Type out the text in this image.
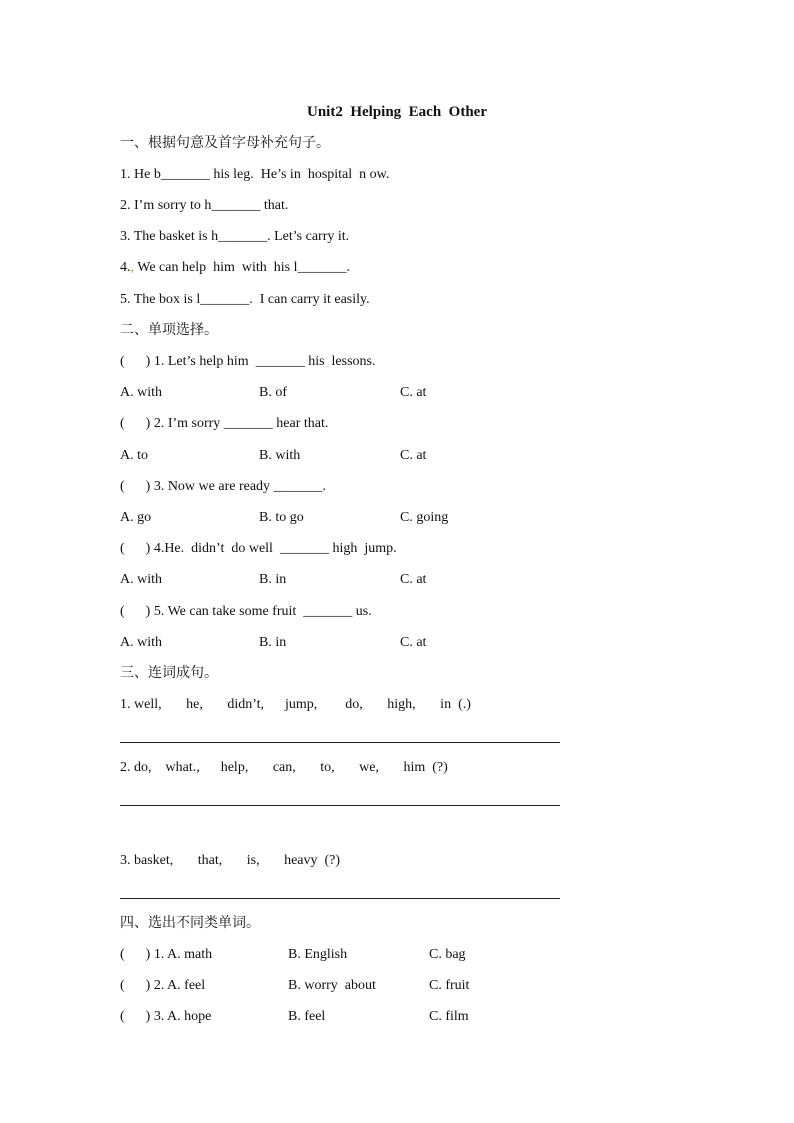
Unit2  Helping  Each  Other
一、根据句意及首字母补充句子。
1. He b_______ his leg.  He’s in  hospital  n ow.
2. I’m sorry to h_______ that.
3. The basket is h_______. Let’s carry it.
4., We can help  him  with  his l_______.
5. The box is l_______.  I can carry it easily.
二、单项选择。
(      ) 1. Let’s help him  _______ his  lessons.
A. with	B. of	C. at
(      ) 2. I’m sorry _______ hear that.
A. to	B. with	C. at
(      ) 3. Now we are ready _______.
A. go	B. to go	C. going
(      ) 4.He.  didn’t  do well  _______ high  jump.
A. with	B. in	C. at
(      ) 5. We can take some fruit  _______ us.
A. with	B. in	C. at
三、连词成句。
1. well,       he,       didn’t,      jump,        do,       high,       in  (.)
2. do,    what.,      help,       can,       to,       we,       him  (?)
3. basket,       that,       is,       heavy  (?)
四、选出不同类单词。
(      ) 1. A. math	B. English	C. bag
(      ) 2. A. feel	B. worry  about	C. fruit
(      ) 3. A. hope	B. feel	C. film
